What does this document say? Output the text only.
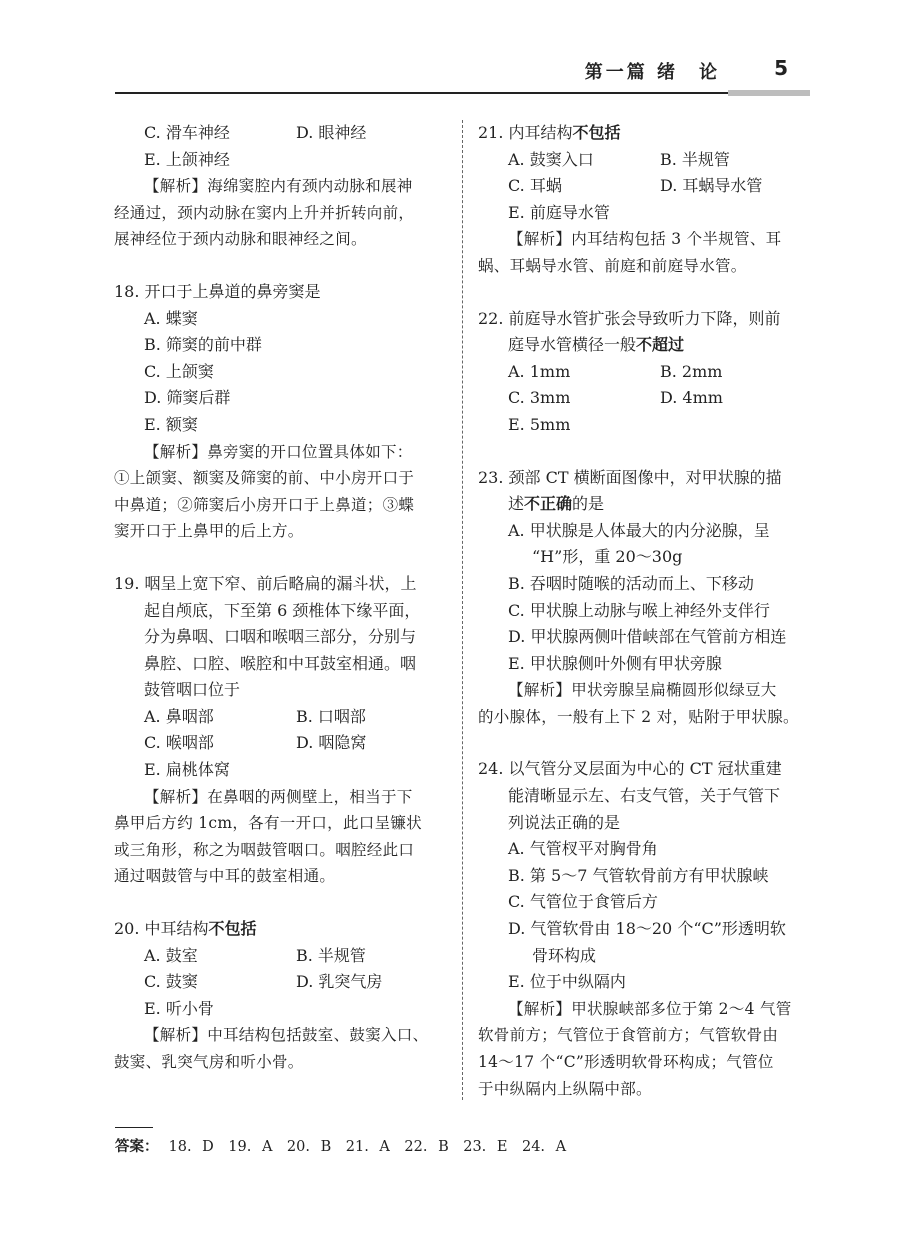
第一篇 绪　论	5
C. 滑车神经	D. 眼神经
E. 上颌神经
【解析】海绵窦腔内有颈内动脉和展神
经通过，颈内动脉在窦内上升并折转向前，
展神经位于颈内动脉和眼神经之间。
18. 开口于上鼻道的鼻旁窦是
A. 蝶窦
B. 筛窦的前中群
C. 上颌窦
D. 筛窦后群
E. 额窦
【解析】鼻旁窦的开口位置具体如下：
①上颌窦、额窦及筛窦的前、中小房开口于
中鼻道；②筛窦后小房开口于上鼻道；③蝶
窦开口于上鼻甲的后上方。
19. 咽呈上宽下窄、前后略扁的漏斗状，上
起自颅底，下至第 6 颈椎体下缘平面，
分为鼻咽、口咽和喉咽三部分，分别与
鼻腔、口腔、喉腔和中耳鼓室相通。咽
鼓管咽口位于
A. 鼻咽部	B. 口咽部
C. 喉咽部	D. 咽隐窝
E. 扁桃体窝
【解析】在鼻咽的两侧壁上，相当于下
鼻甲后方约 1cm，各有一开口，此口呈镰状
或三角形，称之为咽鼓管咽口。咽腔经此口
通过咽鼓管与中耳的鼓室相通。
20. 中耳结构不包括
A. 鼓室	B. 半规管
C. 鼓窦	D. 乳突气房
E. 听小骨
【解析】中耳结构包括鼓室、鼓窦入口、
鼓窦、乳突气房和听小骨。
21. 内耳结构不包括
A. 鼓窦入口	B. 半规管
C. 耳蜗	D. 耳蜗导水管
E. 前庭导水管
【解析】内耳结构包括 3 个半规管、耳
蜗、耳蜗导水管、前庭和前庭导水管。
22. 前庭导水管扩张会导致听力下降，则前
庭导水管横径一般不超过
A. 1mm	B. 2mm
C. 3mm	D. 4mm
E. 5mm
23. 颈部 CT 横断面图像中，对甲状腺的描
述不正确的是
A. 甲状腺是人体最大的内分泌腺，呈
“H”形，重 20～30g
B. 吞咽时随喉的活动而上、下移动
C. 甲状腺上动脉与喉上神经外支伴行
D. 甲状腺两侧叶借峡部在气管前方相连
E. 甲状腺侧叶外侧有甲状旁腺
【解析】甲状旁腺呈扁椭圆形似绿豆大
的小腺体，一般有上下 2 对，贴附于甲状腺。
24. 以气管分叉层面为中心的 CT 冠状重建
能清晰显示左、右支气管，关于气管下
列说法正确的是
A. 气管杈平对胸骨角
B. 第 5～7 气管软骨前方有甲状腺峡
C. 气管位于食管后方
D. 气管软骨由 18～20 个“C”形透明软
骨环构成
E. 位于中纵隔内
【解析】甲状腺峡部多位于第 2～4 气管
软骨前方；气管位于食管前方；气管软骨由
14～17 个“C”形透明软骨环构成；气管位
于中纵隔内上纵隔中部。
答案： 18. D　19. A　20. B　21. A　22. B　23. E　24. A
